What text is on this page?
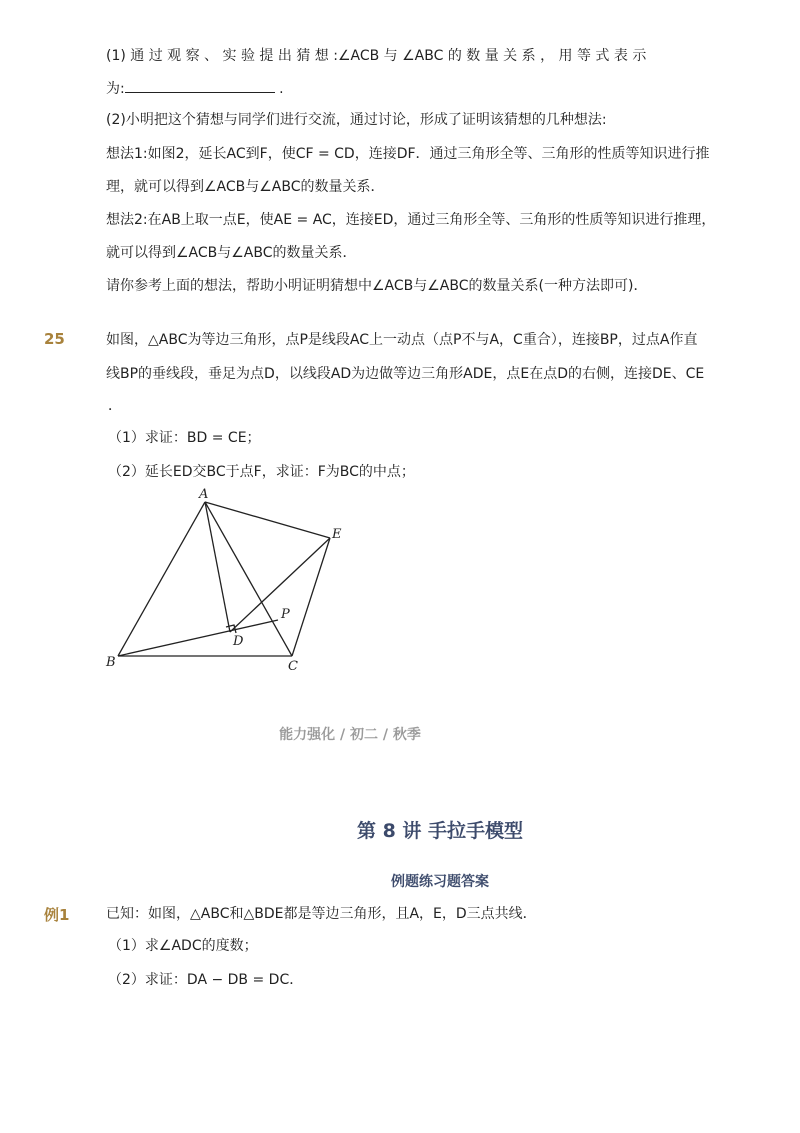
(1) 通 过 观 察 、 实 验 提 出 猜 想 :∠ACB 与 ∠ABC 的 数 量 关 系 ， 用 等 式 表 示
为:	.
(2)小明把这个猜想与同学们进行交流，通过讨论，形成了证明该猜想的几种想法:
想法1:如图2，延长AC到F，使CF = CD，连接DF．通过三角形全等、三角形的性质等知识进行推
理，就可以得到∠ACB与∠ABC的数量关系．
想法2:在AB上取一点E，使AE = AC，连接ED，通过三角形全等、三角形的性质等知识进行推理，
就可以得到∠ACB与∠ABC的数量关系．
请你参考上面的想法，帮助小明证明猜想中∠ACB与∠ABC的数量关系(一种方法即可)．
25	如图，△ABC为等边三角形，点P是线段AC上一动点（点P不与A，C重合），连接BP，过点A作直
线BP的垂线段，垂足为点D，以线段AD为边做等边三角形ADE，点E在点D的右侧，连接DE、CE
．
（1）求证：BD = CE；
（2）延长ED交BC于点F，求证：F为BC的中点；
A
B	C
D
E
P
能力强化 / 初二 / 秋季
第 8 讲 手拉手模型
例题练习题答案
例1	已知：如图，△ABC和△BDE都是等边三角形，且A，E，D三点共线．
（1）求∠ADC的度数；
（2）求证：DA − DB = DC．
